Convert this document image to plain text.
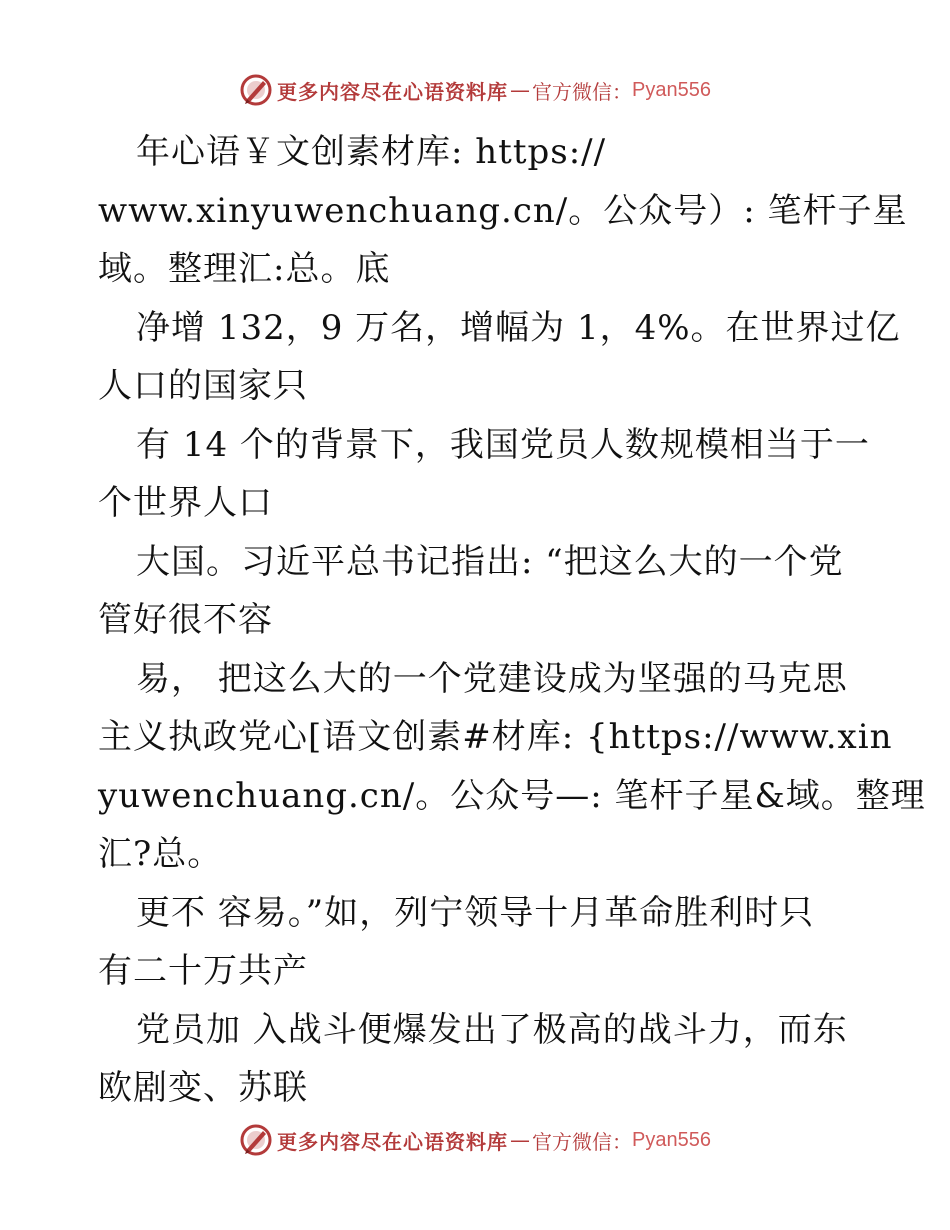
更多内容尽在心语资料库 — 官方微信： Pyan556
年心语￥文创素材库: https://
www.xinyuwenchuang.cn/。公众号）: 笔杆子星
域。整理汇:总。底
净增 132，9 万名，增幅为 1，4%。在世界过亿
人口的国家只
有 14 个的背景下，我国党员人数规模相当于一
个世界人口
大国。习近平总书记指出: “把这么大的一个党
管好很不容
易， 把这么大的一个党建设成为坚强的马克思
主义执政党心[语文创素#材库: {https://www.xin
yuwenchuang.cn/。公众号—: 笔杆子星&域。整理
汇?总。
更不 容易。”如，列宁领导十月革命胜利时只
有二十万共产
党员加 入战斗便爆发出了极高的战斗力，而东
欧剧变、苏联
更多内容尽在心语资料库 — 官方微信： Pyan556
